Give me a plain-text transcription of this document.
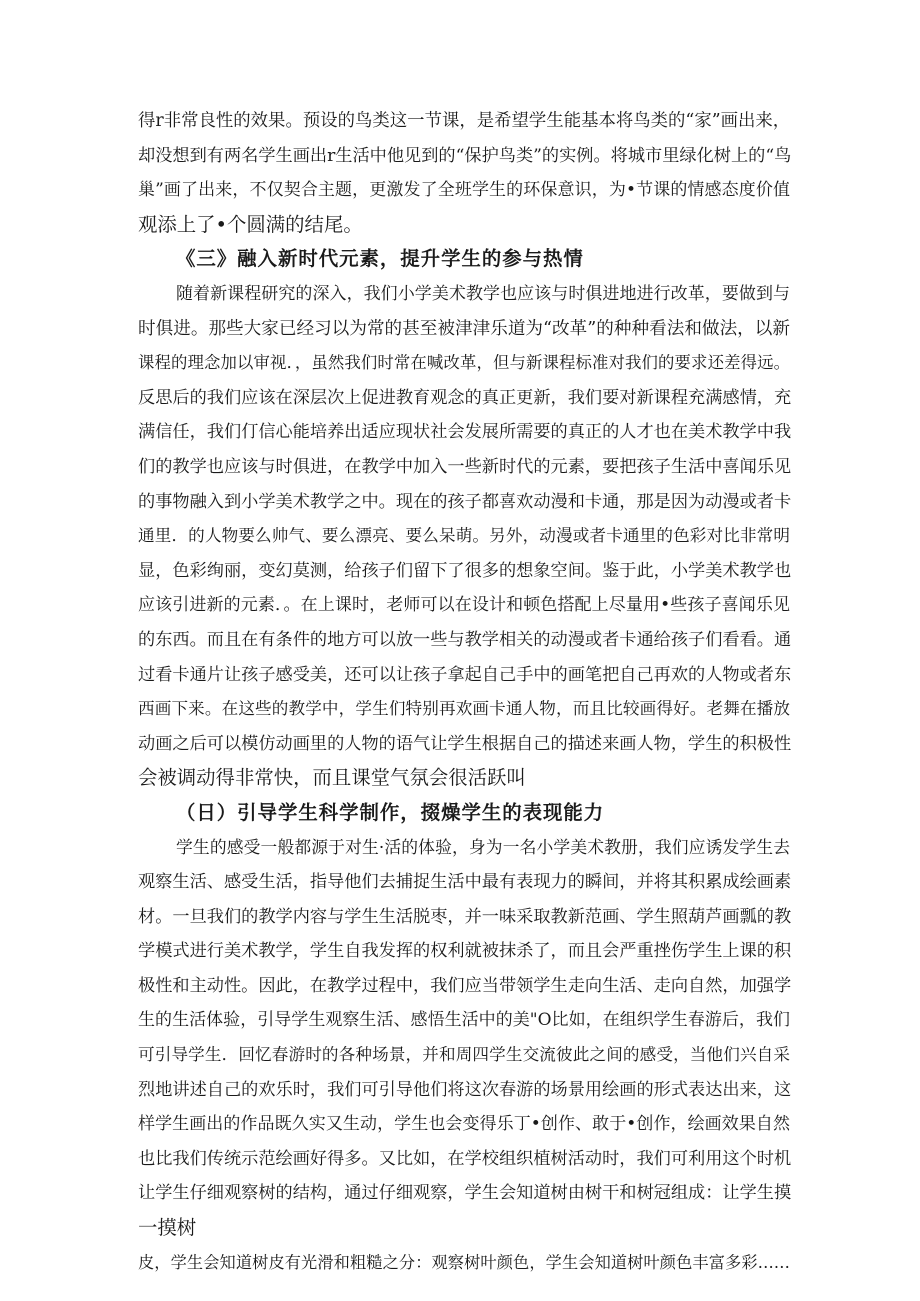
得r非常良性的效果。预设的鸟类这一节课，是希望学生能基本将鸟类的“家”画出来，
却没想到有两名学生画出r生活中他见到的“保护鸟类”的实例。将城市里绿化树上的“鸟
巢”画了出来，不仅契合主题，更激发了全班学生的环保意识，为•节课的情感态度价值
观添上了•个圆满的结尾。
《三》融入新时代元素，提升学生的参与热情
随着新课程研究的深入，我们小学美术教学也应该与时俱进地进行改革，要做到与
时俱进。那些大家已经习以为常的甚至被津津乐道为“改革”的种种看法和做法，以新
课程的理念加以审视．，虽然我们时常在喊改革，但与新课程标准对我们的要求还差得远。
反思后的我们应该在深层次上促进教育观念的真正更新，我们要对新课程充满感情，充
满信任，我们仃信心能培养出适应现状社会发展所需要的真正的人才也在美术教学中我
们的教学也应该与时俱进，在教学中加入一些新时代的元素，要把孩子生活中喜闻乐见
的事物融入到小学美术教学之中。现在的孩子都喜欢动漫和卡通，那是因为动漫或者卡
通里．的人物要么帅气、要么漂亮、要么呆萌。另外，动漫或者卡通里的色彩对比非常明
显，色彩绚丽，变幻莫测，给孩子们留下了很多的想象空间。鉴于此，小学美术教学也
应该引进新的元素．。在上课时，老师可以在设计和顿色搭配上尽量用•些孩子喜闻乐见
的东西。而且在有条件的地方可以放一些与教学相关的动漫或者卡通给孩子们看看。通
过看卡通片让孩子感受美，还可以让孩子拿起自己手中的画笔把自己再欢的人物或者东
西画下来。在这些的教学中，学生们特别再欢画卡通人物，而且比较画得好。老舞在播放
动画之后可以模仿动画里的人物的语气让学生根据自己的描述来画人物，学生的积极性
会被调动得非常快，而且课堂气氛会很活跃叫
（日）引导学生科学制作，掇燥学生的表现能力
学生的感受一般都源于对生·活的体验，身为一名小学美术教册，我们应诱发学生去
观察生活、感受生活，指导他们去捕捉生活中最有表现力的瞬间，并将其积累成绘画素
材。一旦我们的教学内容与学生生活脱枣，并一味采取教新范画、学生照葫芦画瓢的教
学模式进行美术教学，学生自我发挥的权利就被抹杀了，而且会严重挫伤学生上课的积
极性和主动性。因此，在教学过程中，我们应当带领学生走向生活、走向自然，加强学
生的生活体验，引导学生观察生活、感悟生活中的美"O比如，在组织学生春游后，我们
可引导学生．回忆春游时的各种场景，并和周四学生交流彼此之间的感受，当他们兴自采
烈地讲述自己的欢乐时，我们可引导他们将这次春游的场景用绘画的形式表达出来，这
样学生画出的作品既久实又生动，学生也会变得乐丁•创作、敢于•创作，绘画效果自然
也比我们传统示范绘画好得多。又比如，在学校组织植树活动时，我们可利用这个时机
让学生仔细观察树的结构，通过仔细观察，学生会知道树由树干和树冠组成：让学生摸
一摸树
皮，学生会知道树皮有光滑和粗糙之分：观察树叶颜色，学生会知道树叶颜色丰富多彩……
